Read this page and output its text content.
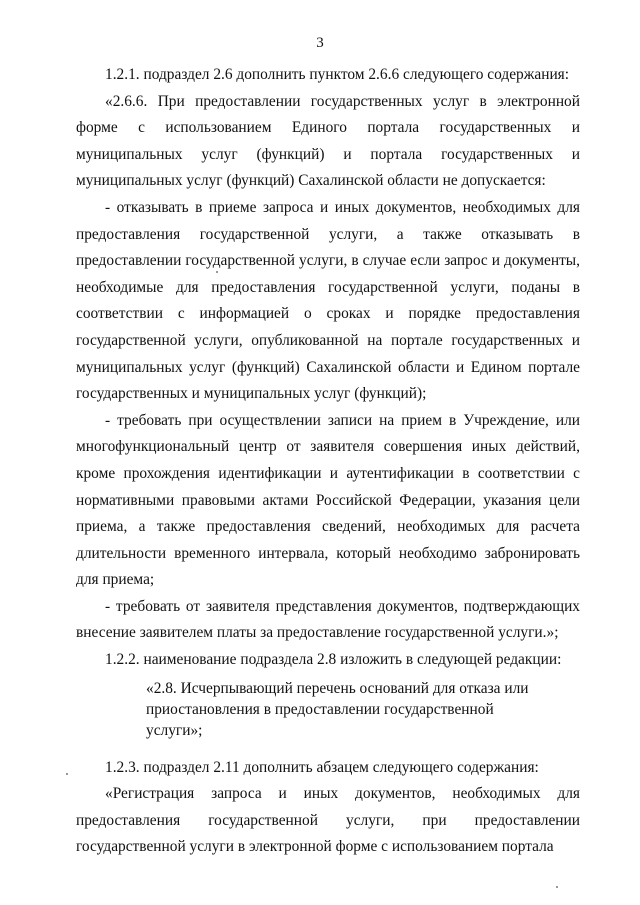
3

1.2.1. подраздел 2.6 дополнить пунктом 2.6.6 следующего содержания:

«2.6.6. При предоставлении государственных услуг в электронной форме с использованием Единого портала государственных и муниципальных услуг (функций) и портала государственных и муниципальных услуг (функций) Сахалинской области не допускается:

- отказывать в приеме запроса и иных документов, необходимых для предоставления государственной услуги, а также отказывать в предоставлении государственной услуги, в случае если запрос и документы, необходимые для предоставления государственной услуги, поданы в соответствии с информацией о сроках и порядке предоставления государственной услуги, опубликованной на портале государственных и муниципальных услуг (функций) Сахалинской области и Едином портале государственных и муниципальных услуг (функций);

- требовать при осуществлении записи на прием в Учреждение, или многофункциональный центр от заявителя совершения иных действий, кроме прохождения идентификации и аутентификации в соответствии с нормативными правовыми актами Российской Федерации, указания цели приема, а также предоставления сведений, необходимых для расчета длительности временного интервала, который необходимо забронировать для приема;

- требовать от заявителя представления документов, подтверждающих внесение заявителем платы за предоставление государственной услуги.»;

1.2.2. наименование подраздела 2.8 изложить в следующей редакции:

«2.8. Исчерпывающий перечень оснований для отказа или
приостановления в предоставлении государственной услуги»;

1.2.3. подраздел 2.11 дополнить абзацем следующего содержания:

«Регистрация запроса и иных документов, необходимых для предоставления государственной услуги, при предоставлении государственной услуги в электронной форме с использованием портала
